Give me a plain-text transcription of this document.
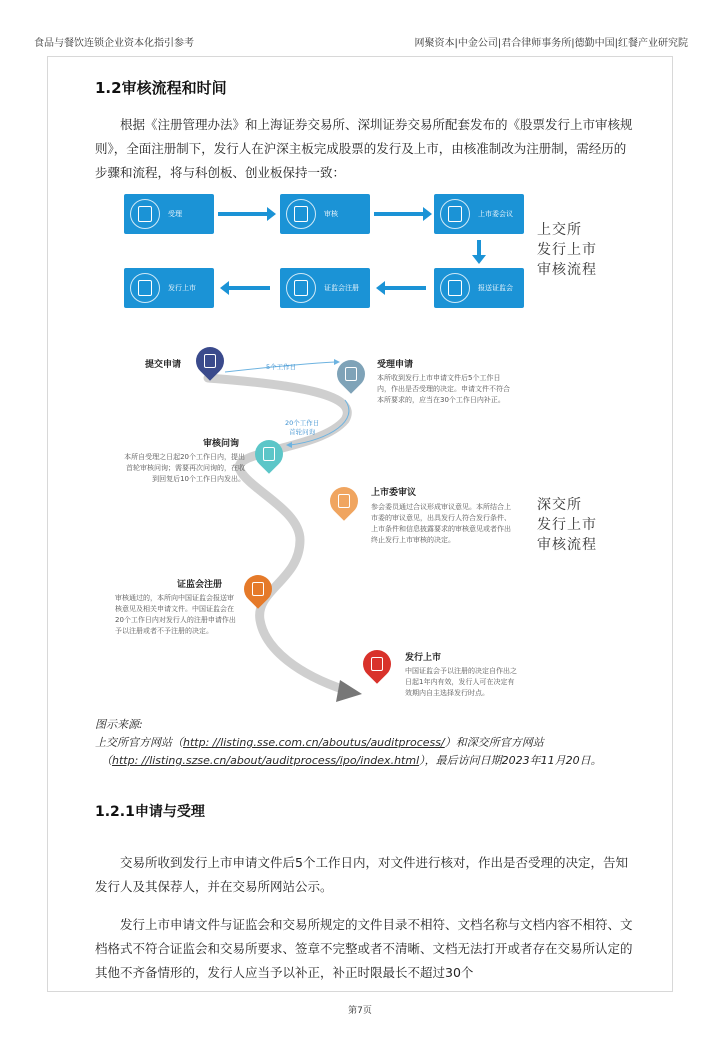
食品与餐饮连锁企业资本化指引参考	网聚资本|中金公司|君合律师事务所|德勤中国|红餐产业研究院
1.2审核流程和时间

根据《注册管理办法》和上海证券交易所、深圳证券交易所配套发布的《股票发行上市审核规则》，全面注册制下，发行人在沪深主板完成股票的发行及上市，由核准制改为注册制，需经历的步骤和流程，将与科创板、创业板保持一致：

受理	审核	上市委会议
报送证监会
证监会注册
发行上市
上交所
发行上市
审核流程
5个工作日
20个工作日
首轮问询
提交申请	受理申请
本所收到发行上市申请文件后5个工作日内，作出是否受理的决定。申请文件不符合本所要求的，应当在30个工作日内补正。
审核问询
本所自受理之日起20个工作日内，提出首轮审核问询；需要再次问询的，在收到回复后10个工作日内发出。
上市委审议
参会委员通过合议形成审议意见。本所结合上市委的审议意见，出具发行人符合发行条件、上市条件和信息披露要求的审核意见或者作出终止发行上市审核的决定。
深交所
发行上市
审核流程
证监会注册
审核通过的，本所向中国证监会报送审核意见及相关申请文件。中国证监会在20个工作日内对发行人的注册申请作出予以注册或者不予注册的决定。
发行上市
中国证监会予以注册的决定自作出之日起1年内有效，发行人可在决定有效期内自主选择发行时点。
图示来源:
上交所官方网站（http: //listing.sse.com.cn/aboutus/auditprocess/）和深交所官方网站
（http: //listing.szse.cn/about/auditprocess/ipo/index.html），最后访问日期2023年11月20日。
1.2.1申请与受理

交易所收到发行上市申请文件后5个工作日内，对文件进行核对，作出是否受理的决定，告知发行人及其保荐人，并在交易所网站公示。

发行上市申请文件与证监会和交易所规定的文件目录不相符、文档名称与文档内容不相符、文档格式不符合证监会和交易所要求、签章不完整或者不清晰、文档无法打开或者存在交易所认定的其他不齐备情形的，发行人应当予以补正，补正时限最长不超过30个

第7页
